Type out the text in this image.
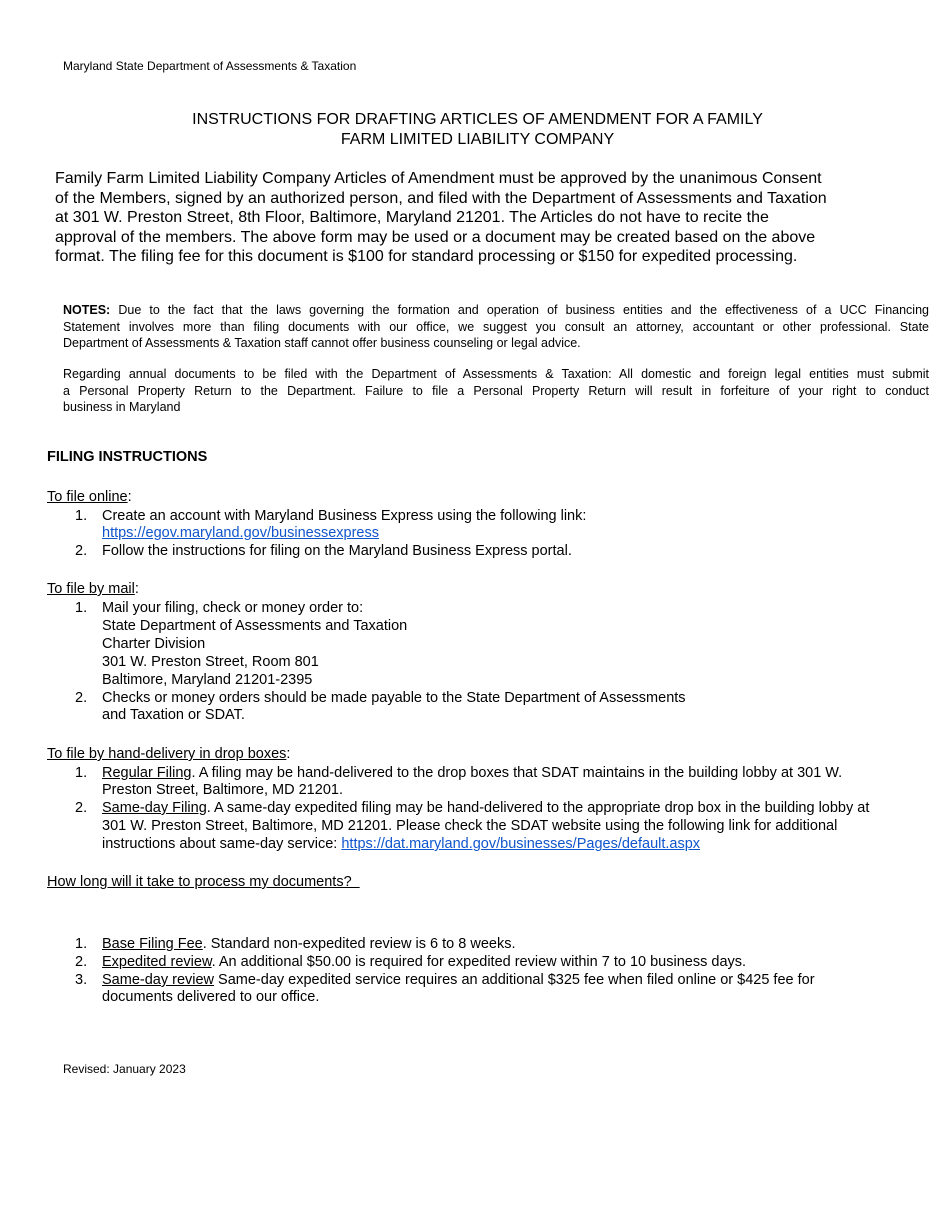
Maryland State Department of Assessments & Taxation
INSTRUCTIONS FOR DRAFTING ARTICLES OF AMENDMENT FOR A FAMILY
FARM LIMITED LIABILITY COMPANY
Family Farm Limited Liability Company Articles of Amendment must be approved by the unanimous Consent
of the Members, signed by an authorized person, and filed with the Department of Assessments and Taxation
at 301 W. Preston Street, 8th Floor, Baltimore, Maryland 21201. The Articles do not have to recite the
approval of the members. The above form may be used or a document may be created based on the above
format. The filing fee for this document is $100 for standard processing or $150 for expedited processing.
NOTES: Due to the fact that the laws governing the formation and operation of business entities and the effectiveness of a UCC Financing
Statement involves more than filing documents with our office, we suggest you consult an attorney, accountant or other professional. State
Department of Assessments & Taxation staff cannot offer business counseling or legal advice.
Regarding annual documents to be filed with the Department of Assessments & Taxation: All domestic and foreign legal entities must submit
a Personal Property Return to the Department. Failure to file a Personal Property Return will result in forfeiture of your right to conduct
business in Maryland
FILING INSTRUCTIONS
To file online:
1. Create an account with Maryland Business Express using the following link:
https://egov.maryland.gov/businessexpress
2. Follow the instructions for filing on the Maryland Business Express portal.
To file by mail:
1. Mail your filing, check or money order to:
State Department of Assessments and Taxation
Charter Division
301 W. Preston Street, Room 801
Baltimore, Maryland 21201-2395
2. Checks or money orders should be made payable to the State Department of Assessments
and Taxation or SDAT.
To file by hand-delivery in drop boxes:
1. Regular Filing. A filing may be hand-delivered to the drop boxes that SDAT maintains in the building lobby at 301 W.
Preston Street, Baltimore, MD 21201.
2. Same-day Filing. A same-day expedited filing may be hand-delivered to the appropriate drop box in the building lobby at
301 W. Preston Street, Baltimore, MD 21201. Please check the SDAT website using the following link for additional
instructions about same-day service: https://dat.maryland.gov/businesses/Pages/default.aspx
How long will it take to process my documents?
1. Base Filing Fee. Standard non-expedited review is 6 to 8 weeks.
2. Expedited review. An additional $50.00 is required for expedited review within 7 to 10 business days.
3. Same-day review Same-day expedited service requires an additional $325 fee when filed online or $425 fee for
documents delivered to our office.
Revised: January 2023
